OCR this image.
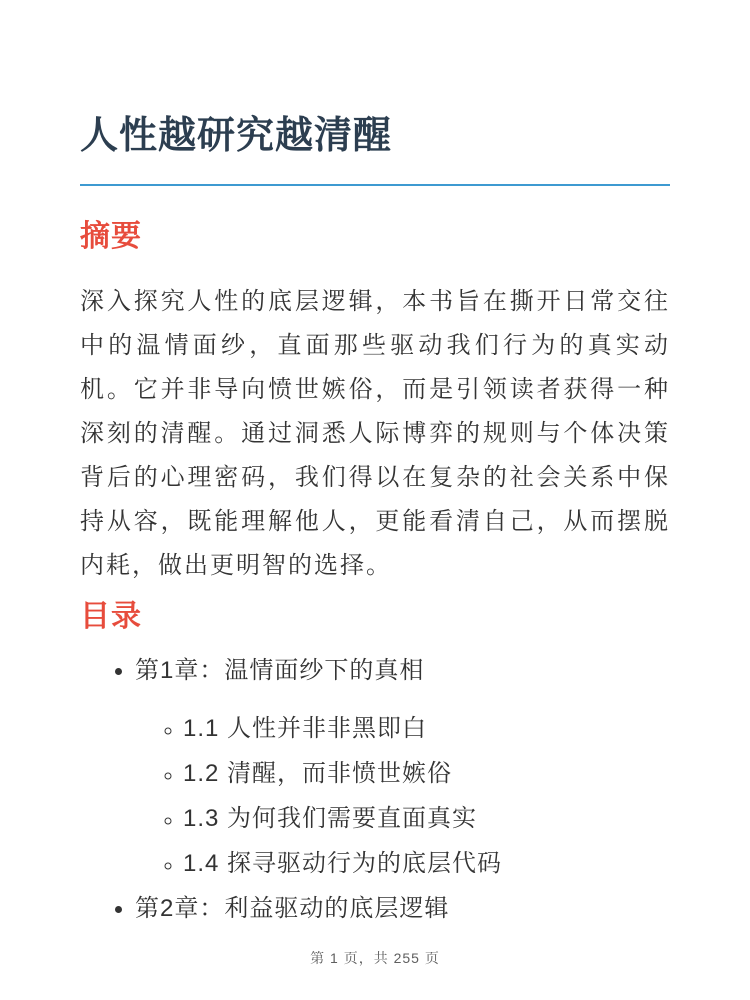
人性越研究越清醒
摘要

深入探究人性的底层逻辑，本书旨在撕开日常交往中的温情面纱，直面那些驱动我们行为的真实动机。它并非导向愤世嫉俗，而是引领读者获得一种深刻的清醒。通过洞悉人际博弈的规则与个体决策背后的心理密码，我们得以在复杂的社会关系中保持从容，既能理解他人，更能看清自己，从而摆脱内耗，做出更明智的选择。

目录
• 第1章：温情面纱下的真相
◦ 1.1 人性并非非黑即白
◦ 1.2 清醒，而非愤世嫉俗
◦ 1.3 为何我们需要直面真实
◦ 1.4 探寻驱动行为的底层代码
• 第2章：利益驱动的底层逻辑
第 1 页，共 255 页
